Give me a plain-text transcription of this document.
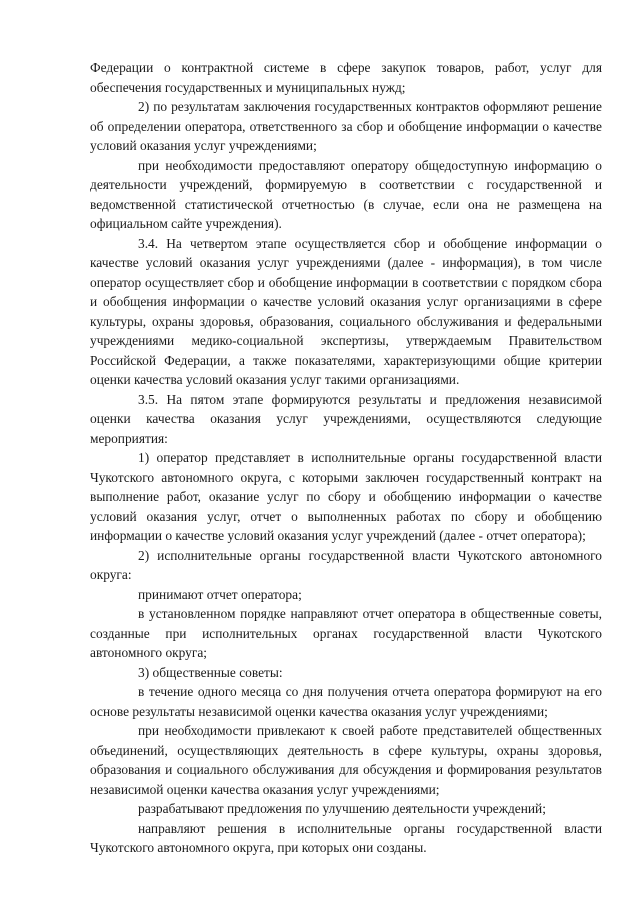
Федерации о контрактной системе в сфере закупок товаров, работ, услуг для обеспечения государственных и муниципальных нужд;

2) по результатам заключения государственных контрактов оформляют решение об определении оператора, ответственного за сбор и обобщение информации о качестве условий оказания услуг учреждениями;

при необходимости предоставляют оператору общедоступную информацию о деятельности учреждений, формируемую в соответствии с государственной и ведомственной статистической отчетностью (в случае, если она не размещена на официальном сайте учреждения).

3.4. На четвертом этапе осуществляется сбор и обобщение информации о качестве условий оказания услуг учреждениями (далее - информация), в том числе оператор осуществляет сбор и обобщение информации в соответствии с порядком сбора и обобщения информации о качестве условий оказания услуг организациями в сфере культуры, охраны здоровья, образования, социального обслуживания и федеральными учреждениями медико-социальной экспертизы, утверждаемым Правительством Российской Федерации, а также показателями, характеризующими общие критерии оценки качества условий оказания услуг такими организациями.

3.5. На пятом этапе формируются результаты и предложения независимой оценки качества оказания услуг учреждениями, осуществляются следующие мероприятия:

1) оператор представляет в исполнительные органы государственной власти Чукотского автономного округа, с которыми заключен государственный контракт на выполнение работ, оказание услуг по сбору и обобщению информации о качестве условий оказания услуг, отчет о выполненных работах по сбору и обобщению информации о качестве условий оказания услуг учреждений (далее - отчет оператора);

2) исполнительные органы государственной власти Чукотского автономного округа:

принимают отчет оператора;

в установленном порядке направляют отчет оператора в общественные советы, созданные при исполнительных органах государственной власти Чукотского автономного округа;

3) общественные советы:

в течение одного месяца со дня получения отчета оператора формируют на его основе результаты независимой оценки качества оказания услуг учреждениями;

при необходимости привлекают к своей работе представителей общественных объединений, осуществляющих деятельность в сфере культуры, охраны здоровья, образования и социального обслуживания для обсуждения и формирования результатов независимой оценки качества оказания услуг учреждениями;

разрабатывают предложения по улучшению деятельности учреждений;

направляют решения в исполнительные органы государственной власти Чукотского автономного округа, при которых они созданы.
